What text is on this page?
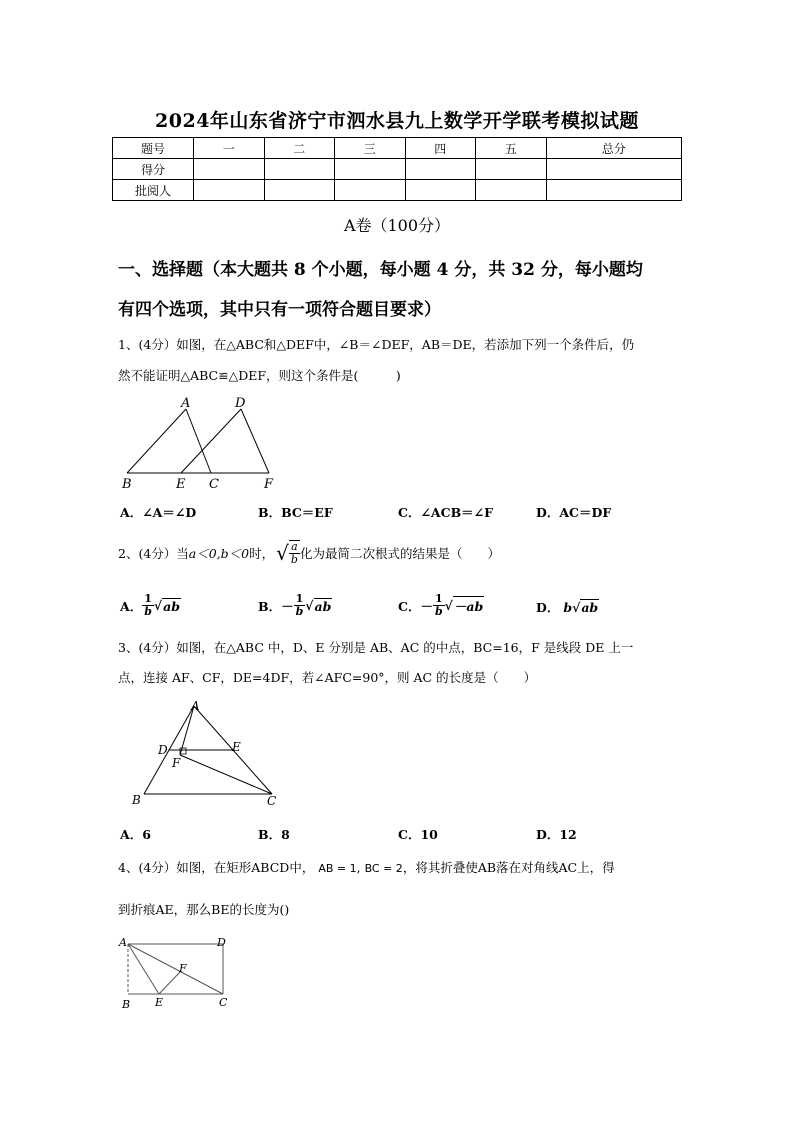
2024年山东省济宁市泗水县九上数学开学联考模拟试题
题号	一	二	三	四	五	总分
得分						
批阅人						
A卷（100分）
一、选择题（本大题共 8 个小题，每小题 4 分，共 32 分，每小题均
有四个选项，其中只有一项符合题目要求）
1、(4分）如图，在△ABC和△DEF中，∠B＝∠DEF，AB＝DE，若添加下列一个条件后，仍
然不能证明△ABC≌△DEF，则这个条件是(　　　)
A	D
B	E C	F
A．∠A＝∠D	B．BC＝EF	C．∠ACB＝∠F	D．AC＝DF
2、(4分）当 a＜0,b＜0 时， √ $\frac{a}{b}$ 化为最简二次根式的结果是（　　）
A． $\frac{1}{b}$ √ ab	B． － $\frac{1}{b}$ √ ab	C． － $\frac{1}{b}$ √ －ab	D． b √ ab
3、(4分）如图，在△ABC 中，D、E 分别是 AB、AC 的中点，BC=16，F 是线段 DE 上一
点，连接 AF、CF，DE=4DF，若∠AFC=90°，则 AC 的长度是（　　）
A
D	E
F
B	C
A．6	B．8	C．10	D．12
4、(4分）如图，在矩形ABCD中， AB = 1, BC = 2，将其折叠使AB落在对角线AC上，得
到折痕AE，那么BE的长度为()
A	D
F
B E	C
